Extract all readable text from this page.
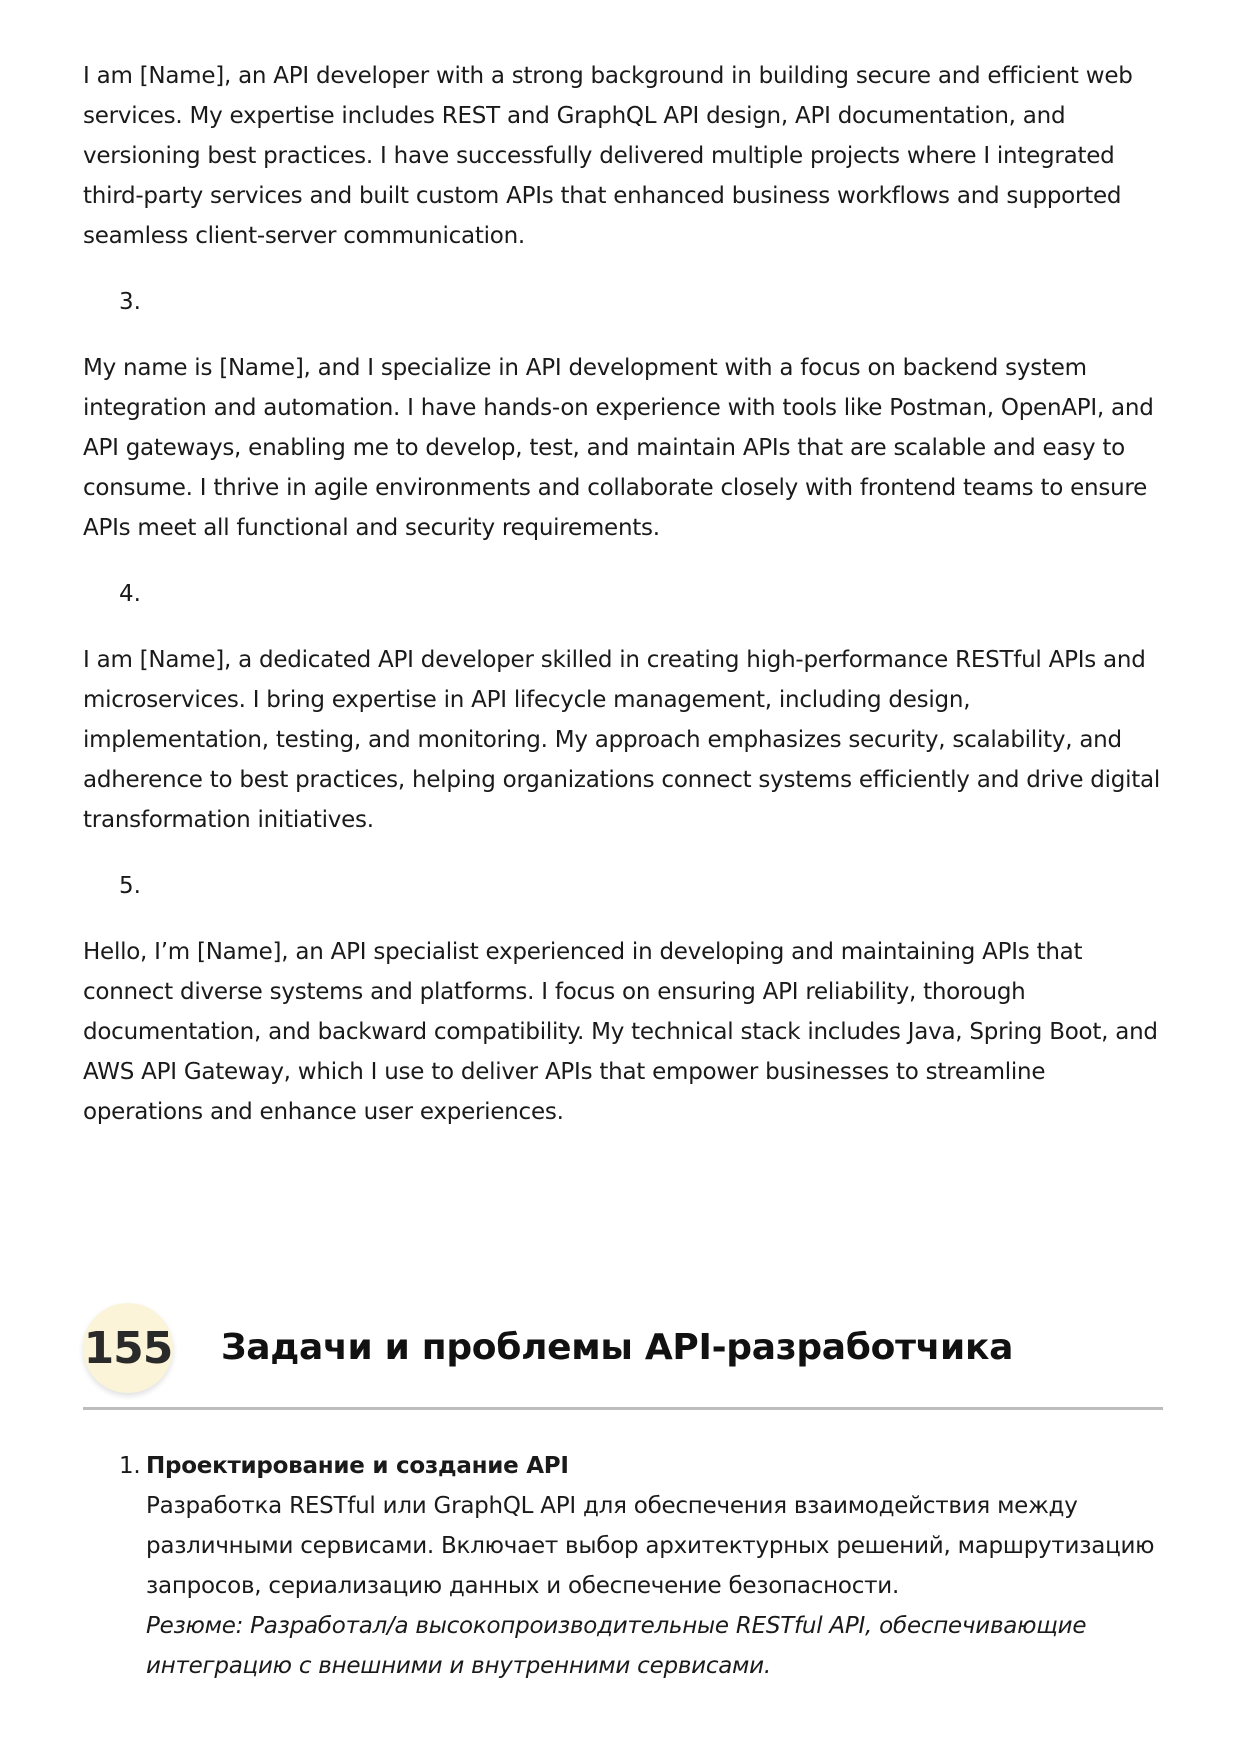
I am [Name], an API developer with a strong background in building secure and efficient web services. My expertise includes REST and GraphQL API design, API documentation, and versioning best practices. I have successfully delivered multiple projects where I integrated third-party services and built custom APIs that enhanced business workflows and supported seamless client-server communication.

3.

My name is [Name], and I specialize in API development with a focus on backend system integration and automation. I have hands-on experience with tools like Postman, OpenAPI, and API gateways, enabling me to develop, test, and maintain APIs that are scalable and easy to consume. I thrive in agile environments and collaborate closely with frontend teams to ensure APIs meet all functional and security requirements.

4.

I am [Name], a dedicated API developer skilled in creating high-performance RESTful APIs and microservices. I bring expertise in API lifecycle management, including design, implementation, testing, and monitoring. My approach emphasizes security, scalability, and adherence to best practices, helping organizations connect systems efficiently and drive digital transformation initiatives.

5.

Hello, I’m [Name], an API specialist experienced in developing and maintaining APIs that connect diverse systems and platforms. I focus on ensuring API reliability, thorough documentation, and backward compatibility. My technical stack includes Java, Spring Boot, and AWS API Gateway, which I use to deliver APIs that empower businesses to streamline operations and enhance user experiences.

155 Задачи и проблемы API-разработчика
1. Проектирование и создание API
Разработка RESTful или GraphQL API для обеспечения взаимодействия между различными сервисами. Включает выбор архитектурных решений, маршрутизацию запросов, сериализацию данных и обеспечение безопасности.
Резюме: Разработал/а высокопроизводительные RESTful API, обеспечивающие интеграцию с внешними и внутренними сервисами.
